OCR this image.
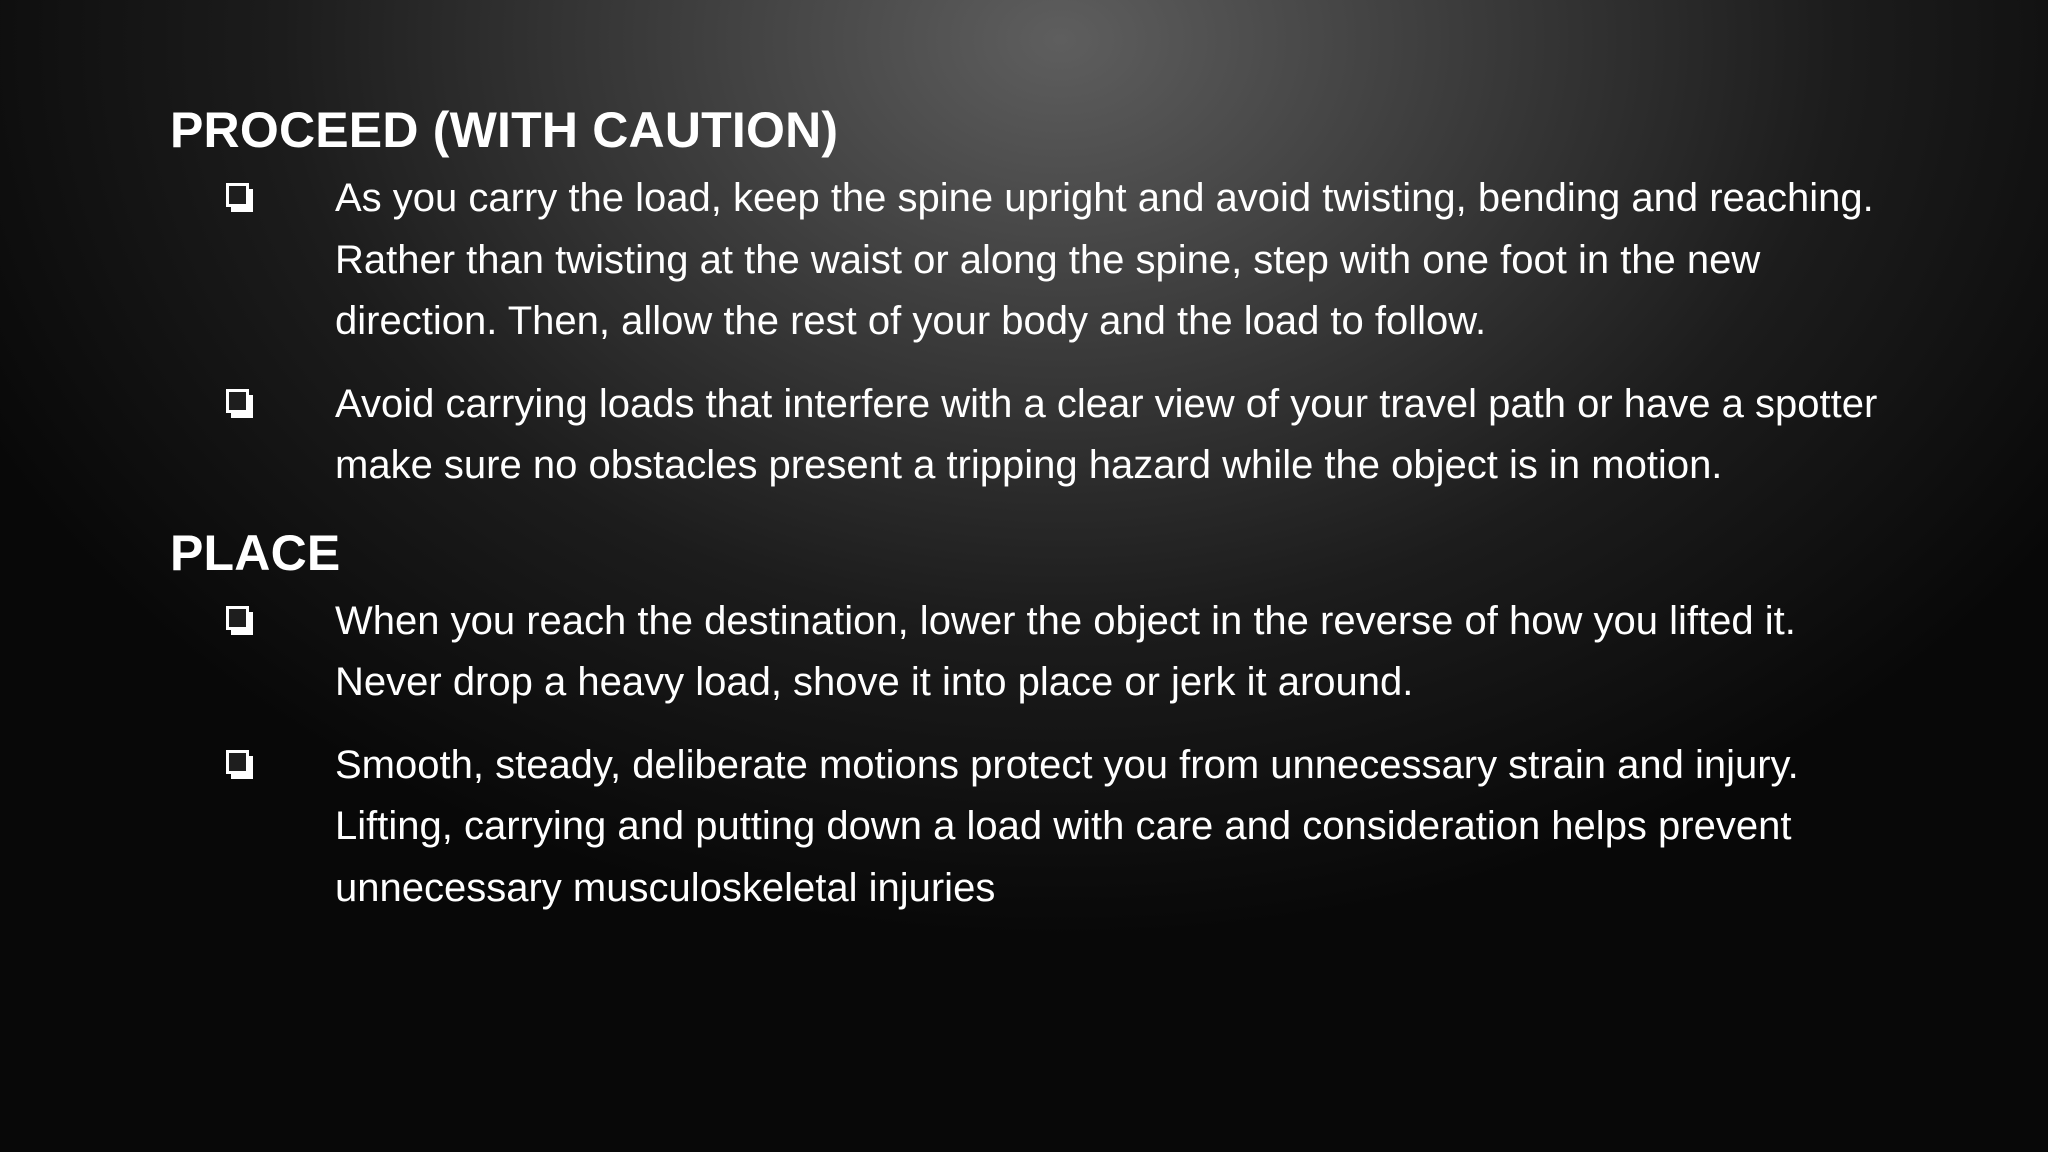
PROCEED (WITH CAUTION)
As you carry the load, keep the spine upright and avoid twisting, bending and reaching. Rather than twisting at the waist or along the spine, step with one foot in the new direction. Then, allow the rest of your body and the load to follow.
Avoid carrying loads that interfere with a clear view of your travel path or have a spotter make sure no obstacles present a tripping hazard while the object is in motion.
PLACE
When you reach the destination, lower the object in the reverse of how you lifted it. Never drop a heavy load, shove it into place or jerk it around.
Smooth, steady, deliberate motions protect you from unnecessary strain and injury. Lifting, carrying and putting down a load with care and consideration helps prevent unnecessary musculoskeletal injuries
